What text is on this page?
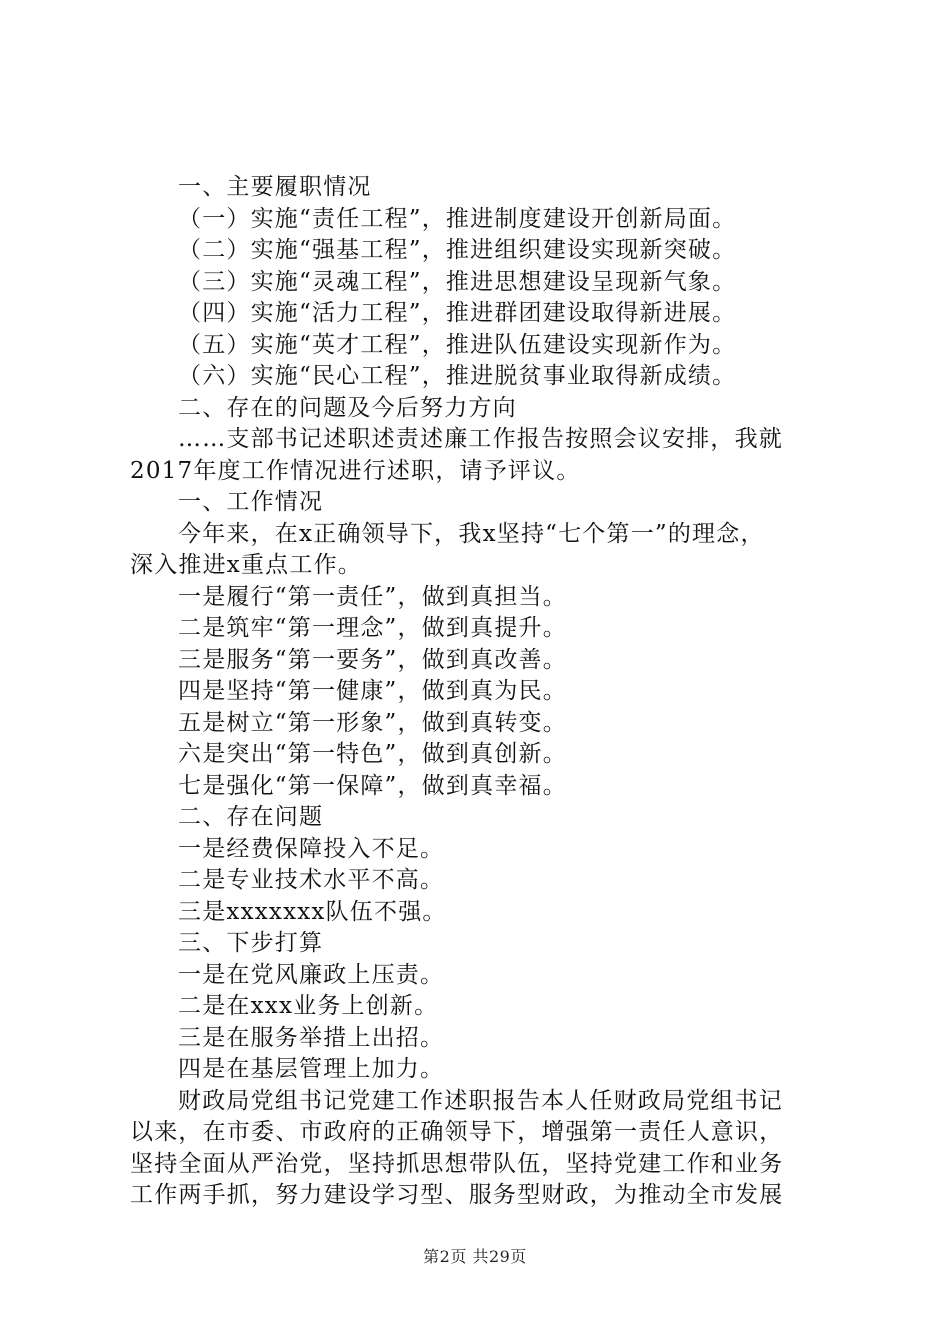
一、主要履职情况
（一）实施“责任工程”，推进制度建设开创新局面。
（二）实施“强基工程”，推进组织建设实现新突破。
（三）实施“灵魂工程”，推进思想建设呈现新气象。
（四）实施“活力工程”，推进群团建设取得新进展。
（五）实施“英才工程”，推进队伍建设实现新作为。
（六）实施“民心工程”，推进脱贫事业取得新成绩。
二、存在的问题及今后努力方向
……支部书记述职述责述廉工作报告按照会议安排，我就
2017年度工作情况进行述职，请予评议。
一、工作情况
今年来，在x正确领导下，我x坚持“七个第一”的理念，
深入推进x重点工作。
一是履行“第一责任”，做到真担当。
二是筑牢“第一理念”，做到真提升。
三是服务“第一要务”，做到真改善。
四是坚持“第一健康”，做到真为民。
五是树立“第一形象”，做到真转变。
六是突出“第一特色”，做到真创新。
七是强化“第一保障”，做到真幸福。
二、存在问题
一是经费保障投入不足。
二是专业技术水平不高。
三是xxxxxxx队伍不强。
三、下步打算
一是在党风廉政上压责。
二是在xxx业务上创新。
三是在服务举措上出招。
四是在基层管理上加力。
财政局党组书记党建工作述职报告本人任财政局党组书记
以来，在市委、市政府的正确领导下，增强第一责任人意识，
坚持全面从严治党，坚持抓思想带队伍，坚持党建工作和业务
工作两手抓，努力建设学习型、服务型财政，为推动全市发展
第2页 共29页
